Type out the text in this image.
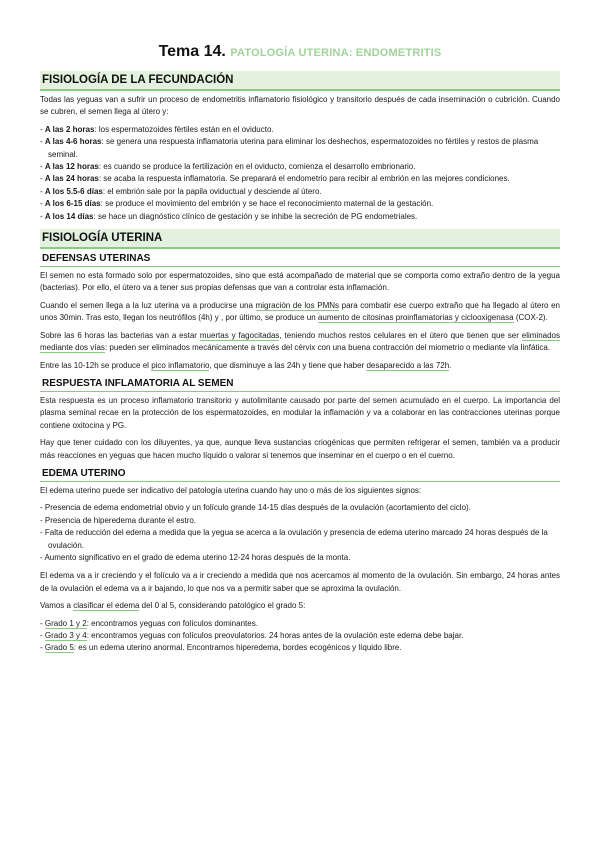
Tema 14. PATOLOGÍA UTERINA: ENDOMETRITIS
FISIOLOGÍA DE LA FECUNDACIÓN

Todas las yeguas van a sufrir un proceso de endometritis inflamatorio fisiológico y transitorio después de cada inseminación o cubrición. Cuando se cubren, el semen llega al útero y:

- A las 2 horas: los espermatozoides fértiles están en el oviducto.
- A las 4-6 horas: se genera una respuesta inflamatoria uterina para eliminar los deshechos, espermatozoides no fértiles y restos de plasma seminal.
- A las 12 horas: es cuando se produce la fertilización en el oviducto, comienza el desarrollo embrionario.
- A las 24 horas: se acaba la respuesta inflamatoria. Se preparará el endometrio para recibir al embrión en las mejores condiciones.
- A los 5.5-6 días: el embrión sale por la papila oviductual y desciende al útero.
- A los 6-15 días: se produce el movimiento del embrión y se hace el reconocimiento maternal de la gestación.
- A los 14 días: se hace un diagnóstico clínico de gestación y se inhibe la secreción de PG endometriales.
FISIOLOGÍA UTERINA
DEFENSAS UTERINAS

El semen no esta formado solo por espermatozoides, sino que está acompañado de material que se comporta como extraño dentro de la yegua (bacterias). Por ello, el útero va a tener sus propias defensas que van a controlar esta inflamación.

Cuando el semen llega a la luz uterina va a producirse una migración de los PMNs para combatir ese cuerpo extraño que ha llegado al útero en unos 30min. Tras esto, llegan los neutrófilos (4h) y , por último, se produce un aumento de citosinas proinflamatorias y ciclooxigenasa (COX-2).

Sobre las 6 horas las bacterias van a estar muertas y fagocitadas, teniendo muchos restos celulares en el útero que tienen que ser eliminados mediante dos vías: pueden ser eliminados mecánicamente a través del cérvix con una buena contracción del miometrio o mediante vía linfática.

Entre las 10-12h se produce el pico inflamatorio, que disminuye a las 24h y tiene que haber desaparecido a las 72h.

RESPUESTA INFLAMATORIA AL SEMEN

Esta respuesta es un proceso inflamatorio transitorio y autolimitante causado por parte del semen acumulado en el cuerpo. La importancia del plasma seminal recae en la protección de los espermatozoides, en modular la inflamación y va a colaborar en las contracciones uterinas porque contiene oxitocina y PG.

Hay que tener cuidado con los diluyentes, ya que, aunque lleva sustancias criogénicas que permiten refrigerar el semen, también va a producir más reacciones en yeguas que hacen mucho líquido o valorar si tenemos que inseminar en el cuerpo o en el cuerno.

EDEMA UTERINO

El edema uterino puede ser indicativo del patología uterina cuando hay uno o más de los siguientes signos:

- Presencia de edema endometrial obvio y un folículo grande 14-15 días después de la ovulación (acortamiento del ciclo).
- Presencia de hiperedema durante el estro.
- Falta de reducción del edema a medida que la yegua se acerca a la ovulación y presencia de edema uterino marcado 24 horas después de la ovulación.
- Aumento significativo en el grado de edema uterino 12-24 horas después de la monta.

El edema va a ir creciendo y el folículo va a ir creciendo a medida que nos acercamos al momento de la ovulación. Sin embargo, 24 horas antes de la ovulación el edema va a ir bajando, lo que nos va a permitir saber que se aproxima la ovulación.

Vamos a clasificar el edema del 0 al 5, considerando patológico el grado 5:

- Grado 1 y 2: encontramos yeguas con folículos dominantes.
- Grado 3 y 4: encontramos yeguas con folículos preovulatorios. 24 horas antes de la ovulación este edema debe bajar.
- Grado 5: es un edema uterino anormal. Encontramos hiperedema, bordes ecogénicos y líquido libre.
